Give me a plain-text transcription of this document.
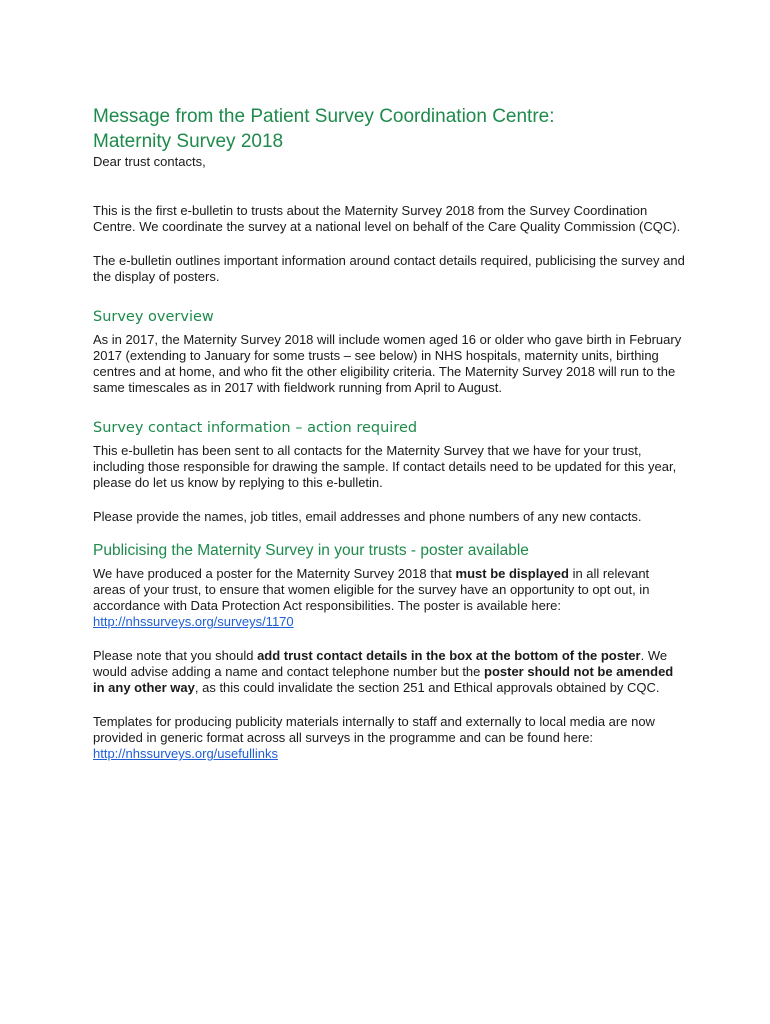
Message from the Patient Survey Coordination Centre:
Maternity Survey 2018

Dear trust contacts,

This is the first e-bulletin to trusts about the Maternity Survey 2018 from the Survey Coordination Centre. We coordinate the survey at a national level on behalf of the Care Quality Commission (CQC).

The e-bulletin outlines important information around contact details required, publicising the survey and the display of posters.

Survey overview

As in 2017, the Maternity Survey 2018 will include women aged 16 or older who gave birth in February 2017 (extending to January for some trusts – see below) in NHS hospitals, maternity units, birthing centres and at home, and who fit the other eligibility criteria. The Maternity Survey 2018 will run to the same timescales as in 2017 with fieldwork running from April to August.

Survey contact information – action required

This e-bulletin has been sent to all contacts for the Maternity Survey that we have for your trust, including those responsible for drawing the sample. If contact details need to be updated for this year, please do let us know by replying to this e-bulletin.

Please provide the names, job titles, email addresses and phone numbers of any new contacts.

Publicising the Maternity Survey in your trusts - poster available

We have produced a poster for the Maternity Survey 2018 that must be displayed in all relevant areas of your trust, to ensure that women eligible for the survey have an opportunity to opt out, in accordance with Data Protection Act responsibilities. The poster is available here: http://nhssurveys.org/surveys/1170

Please note that you should add trust contact details in the box at the bottom of the poster. We would advise adding a name and contact telephone number but the poster should not be amended in any other way, as this could invalidate the section 251 and Ethical approvals obtained by CQC.

Templates for producing publicity materials internally to staff and externally to local media are now provided in generic format across all surveys in the programme and can be found here: http://nhssurveys.org/usefullinks
